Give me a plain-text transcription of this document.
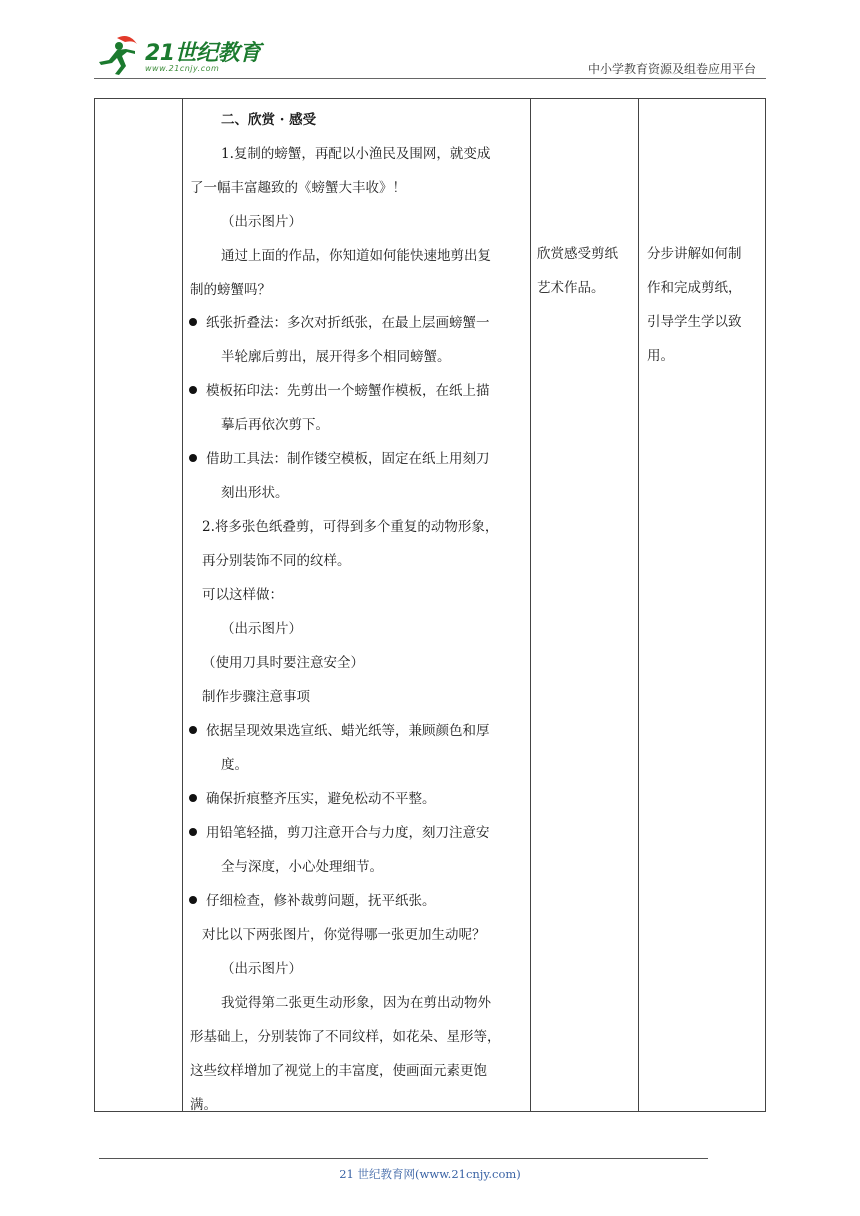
21世纪教育
www.21cnjy.com	中小学教育资源及组卷应用平台
二、欣赏 · 感受
1.复制的螃蟹，再配以小渔民及围网，就变成
了一幅丰富趣致的《螃蟹大丰收》！
（出示图片）
通过上面的作品，你知道如何能快速地剪出复
制的螃蟹吗？
纸张折叠法：多次对折纸张，在最上层画螃蟹一
半轮廓后剪出，展开得多个相同螃蟹。
模板拓印法：先剪出一个螃蟹作模板，在纸上描
摹后再依次剪下。
借助工具法：制作镂空模板，固定在纸上用刻刀
刻出形状。
2.将多张色纸叠剪，可得到多个重复的动物形象，
再分别装饰不同的纹样。
可以这样做：
（出示图片）
（使用刀具时要注意安全）
制作步骤注意事项
依据呈现效果选宣纸、蜡光纸等，兼顾颜色和厚
度。
确保折痕整齐压实，避免松动不平整。
用铅笔轻描，剪刀注意开合与力度，刻刀注意安
全与深度，小心处理细节。
仔细检查，修补裁剪问题，抚平纸张。
对比以下两张图片，你觉得哪一张更加生动呢？
（出示图片）
我觉得第二张更生动形象，因为在剪出动物外
形基础上，分别装饰了不同纹样，如花朵、星形等，
这些纹样增加了视觉上的丰富度，使画面元素更饱
满。
欣赏感受剪纸
艺术作品。
分步讲解如何制
作和完成剪纸，
引导学生学以致
用。
21 世纪教育网(www.21cnjy.com)
